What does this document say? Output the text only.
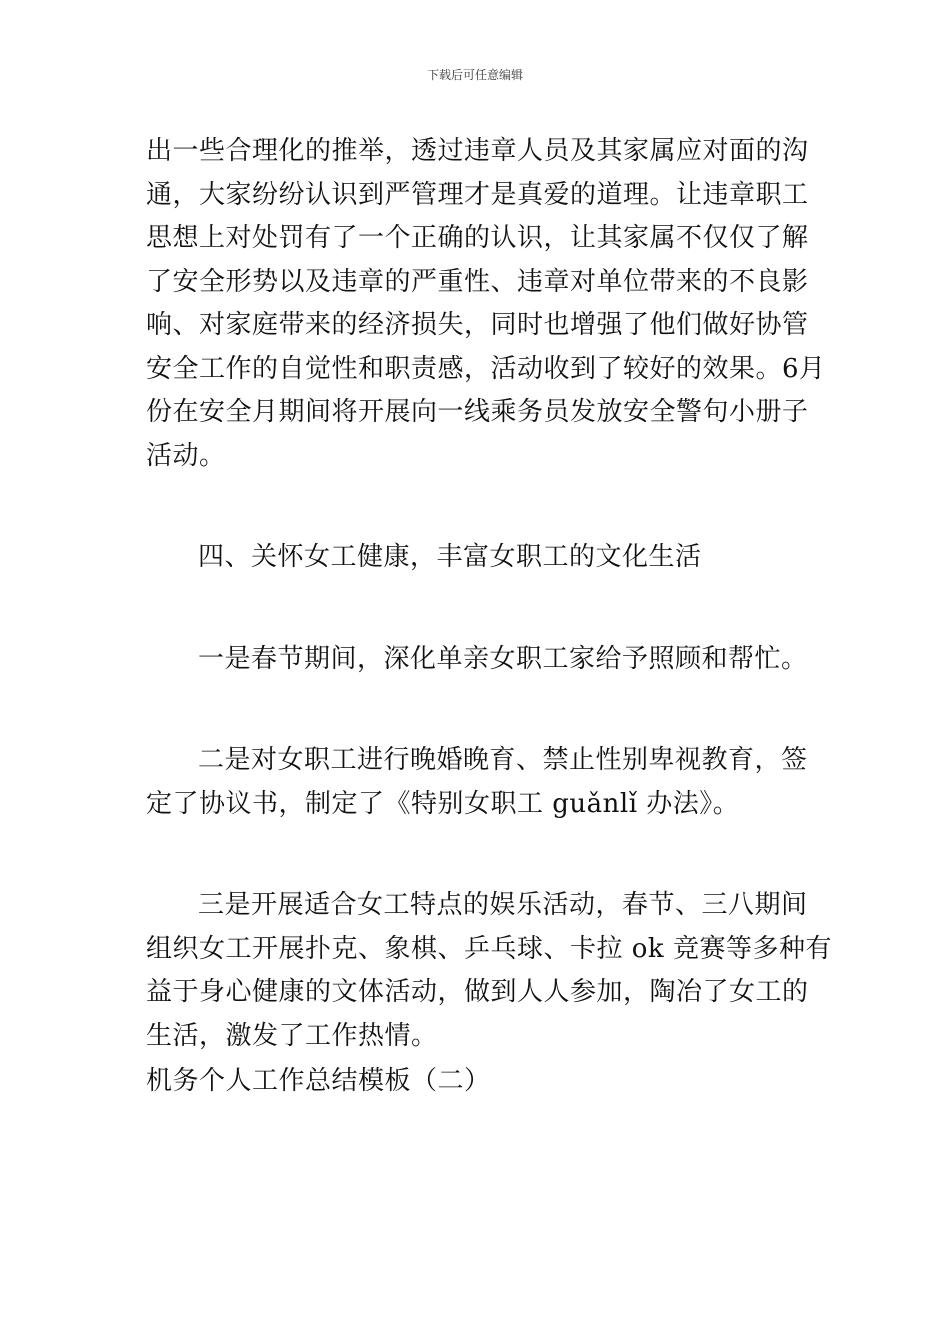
下载后可任意编辑
出一些合理化的推举，透过违章人员及其家属应对面的沟
通，大家纷纷认识到严管理才是真爱的道理。让违章职工
思想上对处罚有了一个正确的认识，让其家属不仅仅了解
了安全形势以及违章的严重性、违章对单位带来的不良影
响、对家庭带来的经济损失，同时也增强了他们做好协管
安全工作的自觉性和职责感，活动收到了较好的效果。6月
份在安全月期间将开展向一线乘务员发放安全警句小册子
活动。
四、关怀女工健康，丰富女职工的文化生活
一是春节期间，深化单亲女职工家给予照顾和帮忙。
二是对女职工进行晚婚晚育、禁止性别卑视教育，签
定了协议书，制定了《特别女职工 guǎnlǐ 办法》。
三是开展适合女工特点的娱乐活动，春节、三八期间
组织女工开展扑克、象棋、乒乓球、卡拉 ok 竞赛等多种有
益于身心健康的文体活动，做到人人参加，陶冶了女工的
生活，激发了工作热情。
机务个人工作总结模板（二）
